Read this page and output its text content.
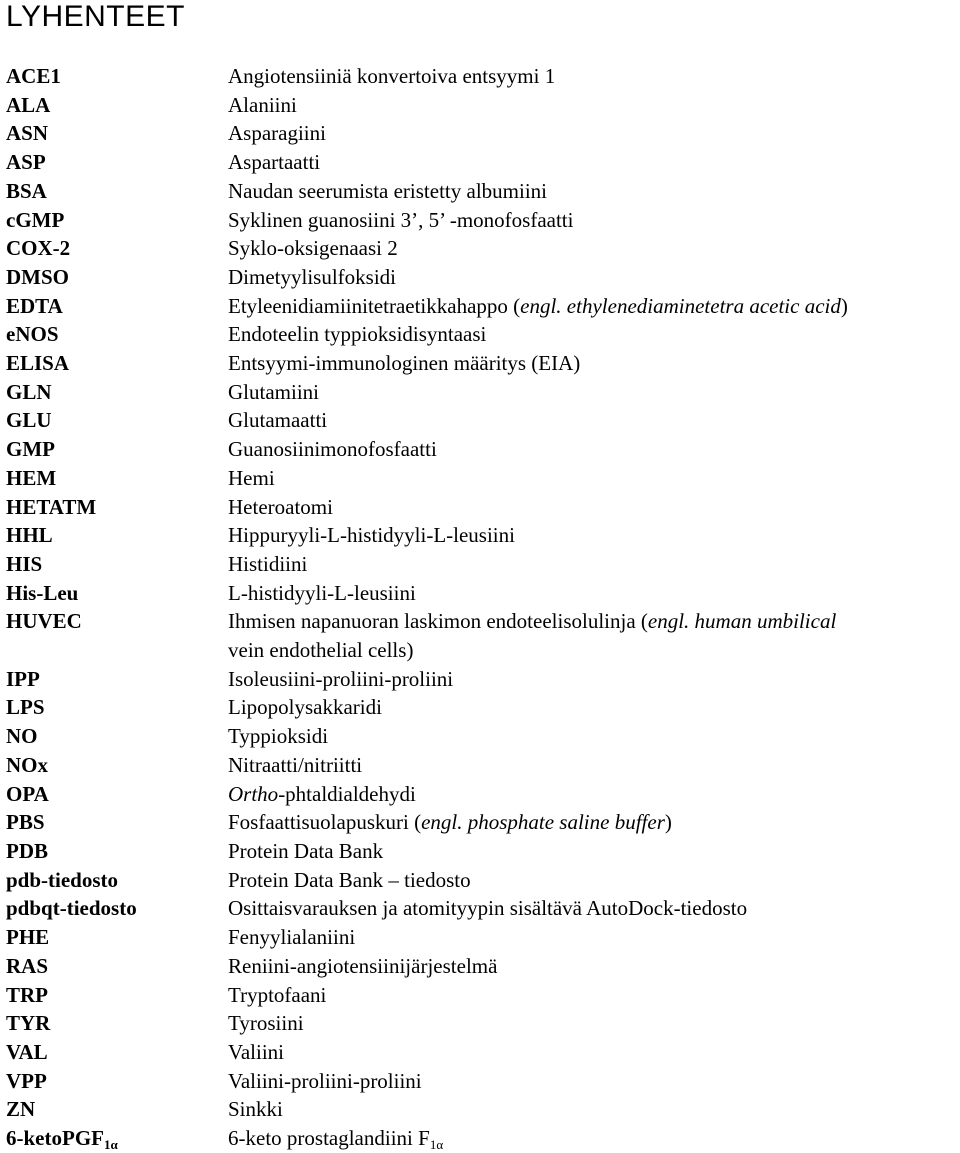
LYHENTEET
ACE1	Angiotensiiniä konvertoiva entsyymi 1
ALA	Alaniini
ASN	Asparagiini
ASP	Aspartaatti
BSA	Naudan seerumista eristetty albumiini
cGMP	Syklinen guanosiini 3’, 5’ -monofosfaatti
COX-2	Syklo-oksigenaasi 2
DMSO	Dimetyylisulfoksidi
EDTA	Etyleenidiamiinitetraetikkahappo (engl. ethylenediaminetetra acetic acid)
eNOS	Endoteelin typpioksidisyntaasi
ELISA	Entsyymi-immunologinen määritys (EIA)
GLN	Glutamiini
GLU	Glutamaatti
GMP	Guanosiinimonofosfaatti
HEM	Hemi
HETATM	Heteroatomi
HHL	Hippuryyli-L-histidyyli-L-leusiini
HIS	Histidiini
His-Leu	L-histidyyli-L-leusiini
HUVEC	Ihmisen napanuoran laskimon endoteelisolulinja (engl. human umbilical
vein endothelial cells)
IPP	Isoleusiini-proliini-proliini
LPS	Lipopolysakkaridi
NO	Typpioksidi
NOx	Nitraatti/nitriitti
OPA	Ortho-phtaldialdehydi
PBS	Fosfaattisuolapuskuri (engl. phosphate saline buffer)
PDB	Protein Data Bank
pdb-tiedosto	Protein Data Bank – tiedosto
pdbqt-tiedosto	Osittaisvarauksen ja atomityypin sisältävä AutoDock-tiedosto
PHE	Fenyylialaniini
RAS	Reniini-angiotensiinijärjestelmä
TRP	Tryptofaani
TYR	Tyrosiini
VAL	Valiini
VPP	Valiini-proliini-proliini
ZN	Sinkki
6-ketoPGF$_{1\alpha}$	6-keto prostaglandiini $F_{1\alpha}$
